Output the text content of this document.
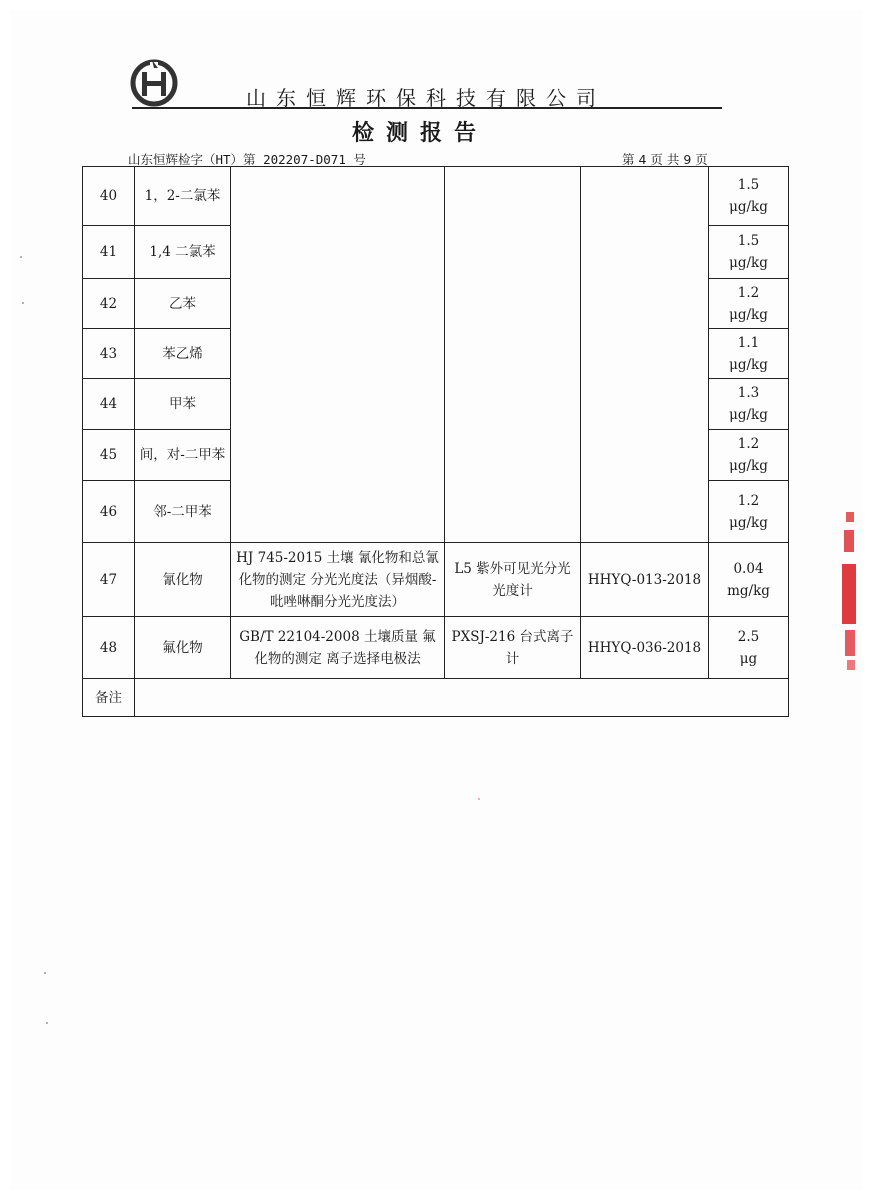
山东恒辉环保科技有限公司
检测报告
山东恒辉检字（HT）第 202207-D071 号	第 4 页 共 9 页
40	1，2-二氯苯				1.5
μg/kg
41	1,4 二氯苯				1.5
μg/kg
42	乙苯				1.2
μg/kg
43	苯乙烯				1.1
μg/kg
44	甲苯				1.3
μg/kg
45	间，对-二甲苯				1.2
μg/kg
46	邻-二甲苯				1.2
μg/kg
47	氰化物	HJ 745-2015 土壤 氰化物和总氰化物的测定 分光光度法（异烟酸-吡唑啉酮分光光度法）	L5 紫外可见光分光光度计	HHYQ-013-2018	0.04
mg/kg
48	氟化物	GB/T 22104-2008 土壤质量 氟化物的测定 离子选择电极法	PXSJ-216 台式离子计	HHYQ-036-2018	2.5
μg
备注					
